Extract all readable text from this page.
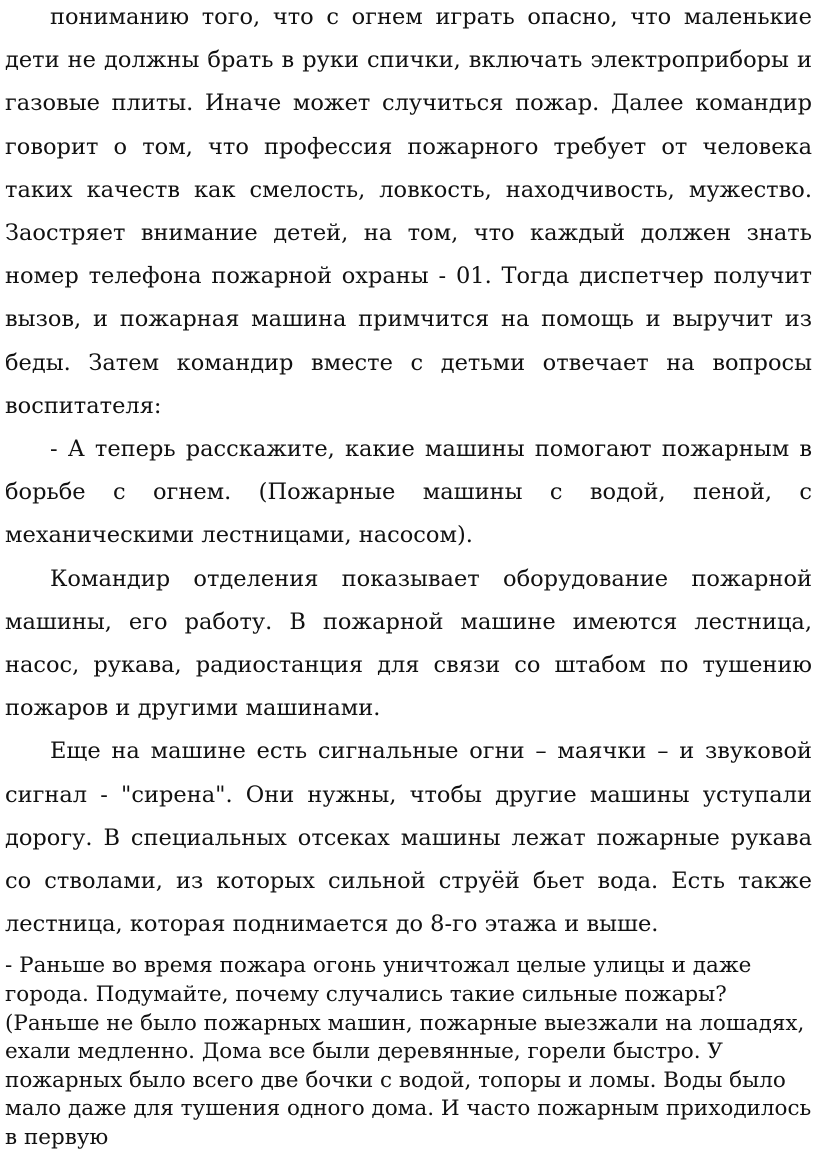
пониманию того, что с огнем играть опасно, что маленькие дети не должны брать в руки спички, включать электроприборы и газовые плиты. Иначе может случиться пожар. Далее командир говорит о том, что профессия пожарного требует от человека таких качеств как смелость, ловкость, находчивость, мужество. Заостряет внимание детей, на том, что каждый должен знать номер телефона пожарной охраны - 01. Тогда диспетчер получит вызов, и пожарная машина примчится на помощь и выручит из беды. Затем командир вместе с детьми отвечает на вопросы воспитателя:

- А теперь расскажите, какие машины помогают пожарным в борьбе с огнем. (Пожарные машины с водой, пеной, с механическими лестницами, насосом).

Командир отделения показывает оборудование пожарной машины, его работу. В пожарной машине имеются лестница, насос, рукава, радиостанция для связи со штабом по тушению пожаров и другими машинами.

Еще на машине есть сигнальные огни – маячки – и звуковой сигнал - "сирена". Они нужны, чтобы другие машины уступали дорогу. В специальных отсеках машины лежат пожарные рукава со стволами, из которых сильной струёй бьет вода. Есть также лестница, которая поднимается до 8-го этажа и выше.

- Раньше во время пожара огонь уничтожал целые улицы и даже города. Подумайте, почему случались такие сильные пожары? (Раньше не было пожарных машин, пожарные выезжали на лошадях, ехали медленно. Дома все были деревянные, горели быстро. У пожарных было всего две бочки с водой, топоры и ломы. Воды было мало даже для тушения одного дома. И часто пожарным приходилось в первую
